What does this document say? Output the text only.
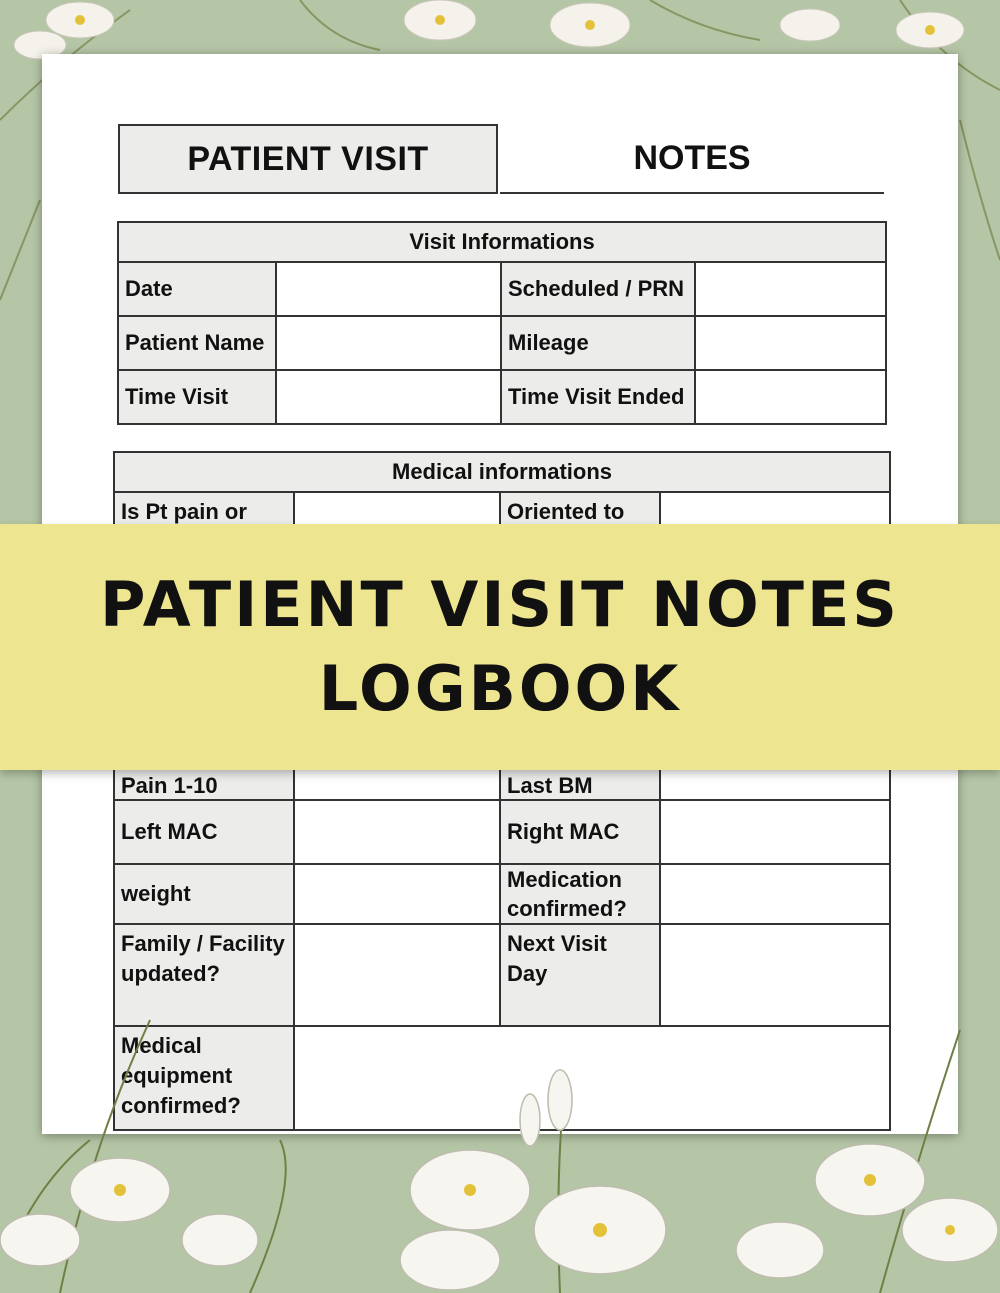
PATIENT VISIT	NOTES
Visit Informations			
Date		Scheduled / PRN	
Patient Name		Mileage	
Time Visit		Time Visit Ended	
Medical informations			
Is Pt pain or		Oriented to	
Pain 1-10		Last BM	
Left MAC		Right MAC	
weight		Medication confirmed?	
Family / Facility updated?		Next Visit Day	
Medical equipment confirmed?			
PATIENT VISIT NOTES
LOGBOOK
